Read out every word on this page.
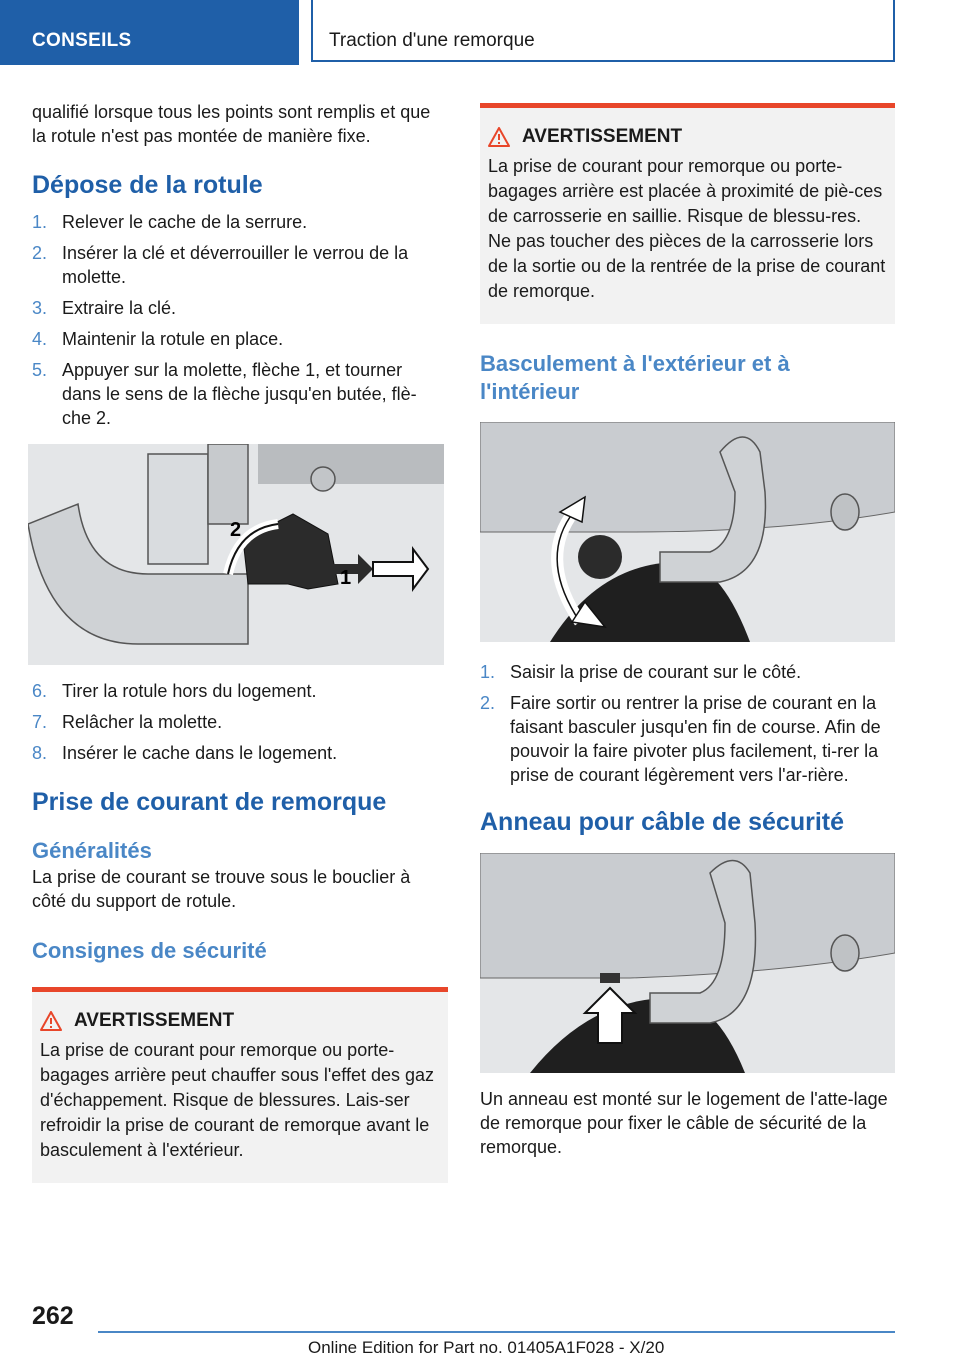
CONSEILS	Traction d'une remorque

qualifié lorsque tous les points sont remplis et que la rotule n'est pas montée de manière fixe.

Dépose de la rotule
1. Relever le cache de la serrure.
2. Insérer la clé et déverrouiller le verrou de la molette.
3. Extraire la clé.
4. Maintenir la rotule en place.
5. Appuyer sur la molette, flèche 1, et tourner dans le sens de la flèche jusqu'en butée, flè‐che 2.
2
1
6. Tirer la rotule hors du logement.
7. Relâcher la molette.
8. Insérer le cache dans le logement.
Prise de courant de remorque
Généralités

La prise de courant se trouve sous le bouclier à côté du support de rotule.

Consignes de sécurité
AVERTISSEMENT

La prise de courant pour remorque ou porte-bagages arrière peut chauffer sous l'effet des gaz d'échappement. Risque de blessures. Lais‐ser refroidir la prise de courant de remorque avant le basculement à l'extérieur.

AVERTISSEMENT

La prise de courant pour remorque ou porte-bagages arrière est placée à proximité de piè‐ces de carrosserie en saillie. Risque de blessu‐res. Ne pas toucher des pièces de la carrosserie lors de la sortie ou de la rentrée de la prise de courant de remorque.

Basculement à l'extérieur et à l'intérieur
1. Saisir la prise de courant sur le côté.
2. Faire sortir ou rentrer la prise de courant en la faisant basculer jusqu'en fin de course. Afin de pouvoir la faire pivoter plus facilement, ti‐rer la prise de courant légèrement vers l'ar‐rière.
Anneau pour câble de sécurité

Un anneau est monté sur le logement de l'atte‐lage de remorque pour fixer le câble de sécurité de la remorque.

262
Online Edition for Part no. 01405A1F028 - X/20
